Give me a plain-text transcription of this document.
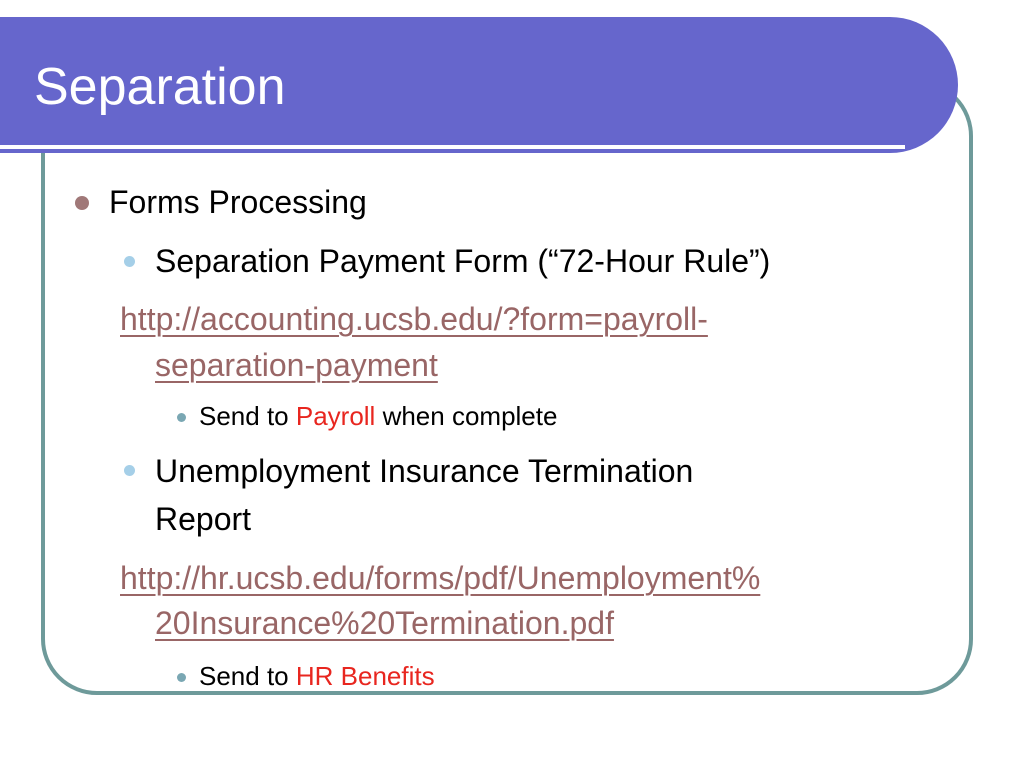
Separation
Forms Processing
Separation Payment Form (“72-Hour Rule”)
http://accounting.ucsb.edu/?form=payroll-
separation-payment
Send to Payroll when complete
Unemployment Insurance Termination
Report
http://hr.ucsb.edu/forms/pdf/Unemployment%
20Insurance%20Termination.pdf
Send to HR Benefits
